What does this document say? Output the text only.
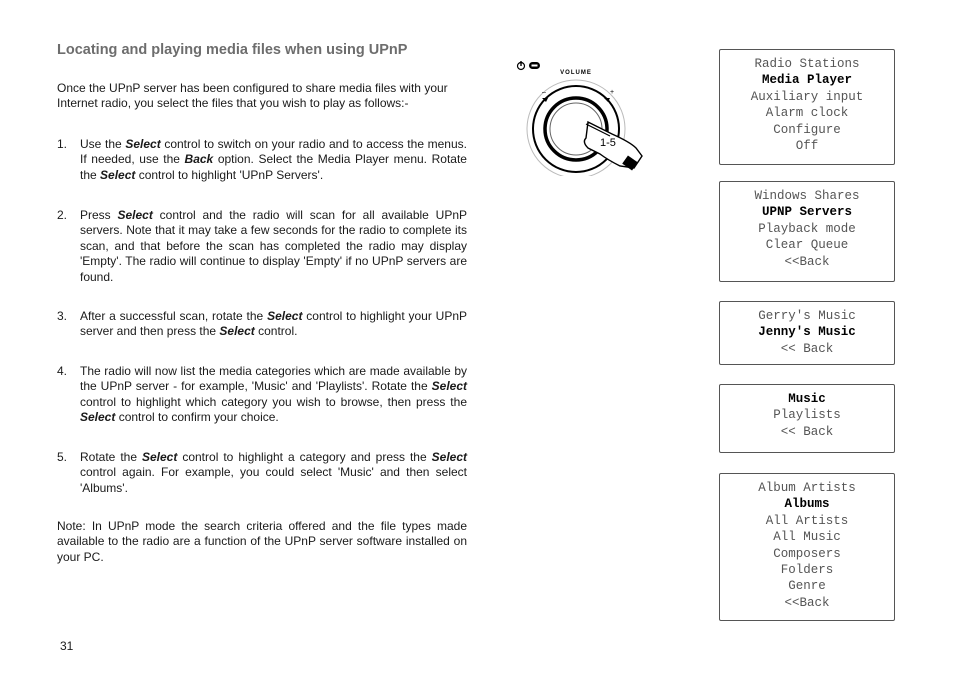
Locating and playing media files when using UPnP
Once the UPnP server has been configured to share media files with your Internet radio, you select the files that you wish to play as follows:-
1. Use the Select control to switch on your radio and to access the menus. If needed, use the Back option. Select the Media Player menu. Rotate the Select control to highlight 'UPnP Servers'.
2. Press Select control and the radio will scan for all available UPnP servers. Note that it may take a few seconds for the radio to complete its scan, and that before the scan has completed the radio may display 'Empty'. The radio will continue to display 'Empty' if no UPnP servers are found.
3. After a successful scan, rotate the Select control to highlight your UPnP server and then press the Select control.
4. The radio will now list the media categories which are made available by the UPnP server - for example, 'Music' and 'Playlists'. Rotate the Select control to highlight which category you wish to browse, then press the Select control to confirm your choice.
5. Rotate the Select control to highlight a category and press the Select control again. For example, you could select 'Music' and then select 'Albums'.
Note: In UPnP mode the search criteria offered and the file types made available to the radio are a function of the UPnP server software installed on your PC.
31
VOLUME
–	+
1-5
Radio Stations
Media Player
Auxiliary input
Alarm clock
Configure
Off
Windows Shares
UPNP Servers
Playback mode
Clear Queue
<<Back
Gerry's Music
Jenny's Music
<< Back
Music
Playlists
<< Back
Album Artists
Albums
All Artists
All Music
Composers
Folders
Genre
<<Back
